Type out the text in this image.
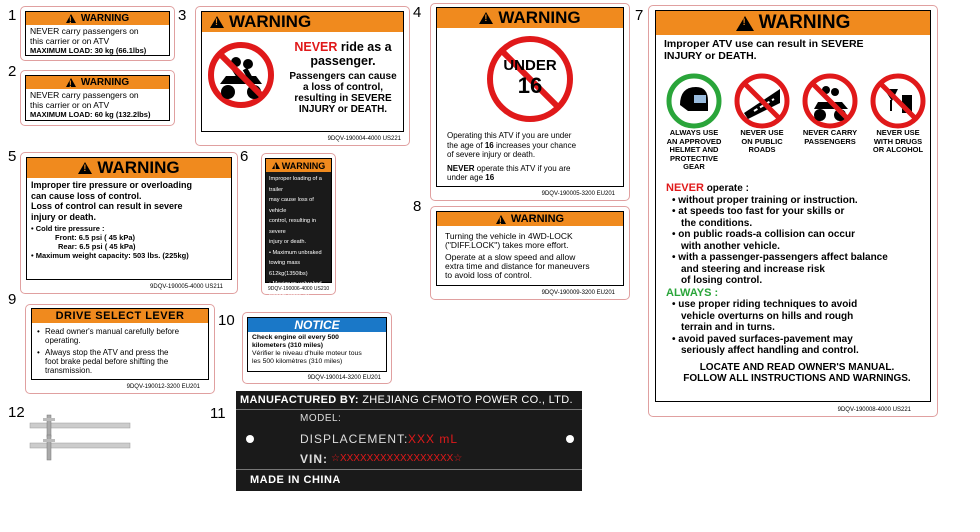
1
2
3	4
5	6
7
8
9
10
11
12
!
WARNING
NEVER carry passengers on
this carrier or on ATV
MAXIMUM LOAD: 30 kg (66.1lbs)
!
WARNING
NEVER carry passengers on
this carrier or on ATV
MAXIMUM LOAD: 60 kg (132.2lbs)
!
WARNING
NEVER ride as a
passenger.
Passengers can cause
a loss of control,
resulting in SEVERE
INJURY or DEATH.
9DQV-190004-4000 US221
!
WARNING
UNDER
16
Operating this ATV if you are under
the age of 16 increases your chance
of severe injury or death.
NEVER operate this ATV if you are
under age 16
9DQV-190005-3200 EU201
!
WARNING
Improper tire pressure or overloading
can cause loss of control.
Loss of control can result in severe
injury or death.
• Cold tire pressure :
Front: 6.5 psi ( 45 kPa)
Rear: 6.5 psi ( 45 kPa)
• Maximum weight capacity: 503 lbs. (225kg)
9DQV-190005-4000 US211
!
WARNING
Improper loading of a trailer
may cause loss of vehicle
control, resulting in severe
injury or death.
• Maximum unbraked
towing mass 612kg(1350lbs)
• Maximum unbraked
tongue mass 50 kg(110lbs)
9DQV-190006-4000 US210
!
WARNING
Improper ATV use can result in SEVERE
INJURY or DEATH.
ALWAYS USE
AN APPROVED
HELMET AND
PROTECTIVE
GEAR
NEVER USE
ON PUBLIC
ROADS
NEVER CARRY
PASSENGERS
NEVER USE
WITH DRUGS
OR ALCOHOL
NEVER operate :
• without proper training or instruction.
• at speeds too fast for your skills or
the conditions.
• on public roads-a collision can occur
with another vehicle.
• with a passenger-passengers affect balance
and steering and increase risk
of losing control.
ALWAYS :
• use proper riding techniques to avoid
vehicle overturns on hills and rough
terrain and in turns.
• avoid paved surfaces-pavement may
seriously affect handling and control.
LOCATE AND READ OWNER'S MANUAL.
FOLLOW ALL INSTRUCTIONS AND WARNINGS.
9DQV-190008-4000 US221
!
WARNING
Turning the vehicle in 4WD-LOCK
("DIFF.LOCK") takes more effort.
Operate at a slow speed and allow
extra time and distance for maneuvers
to avoid loss of control.
9DQV-190009-3200 EU201
DRIVE SELECT LEVER
• Read owner's manual carefully before
operating.
• Always stop the ATV and press the
foot brake pedal before shifting the
transmission.
9DQV-190012-3200 EU201
NOTICE
Check engine oil every 500
kilometers (310 miles)
Vérifier le niveau d'huile moteur tous
les 500 kilomètres (310 miles)
9DQV-190014-3200 EU201
MANUFACTURED BY: ZHEJIANG CFMOTO POWER CO., LTD.
MODEL:
DISPLACEMENT: XXX mL
VIN: ☆XXXXXXXXXXXXXXXXX☆
MADE IN CHINA
